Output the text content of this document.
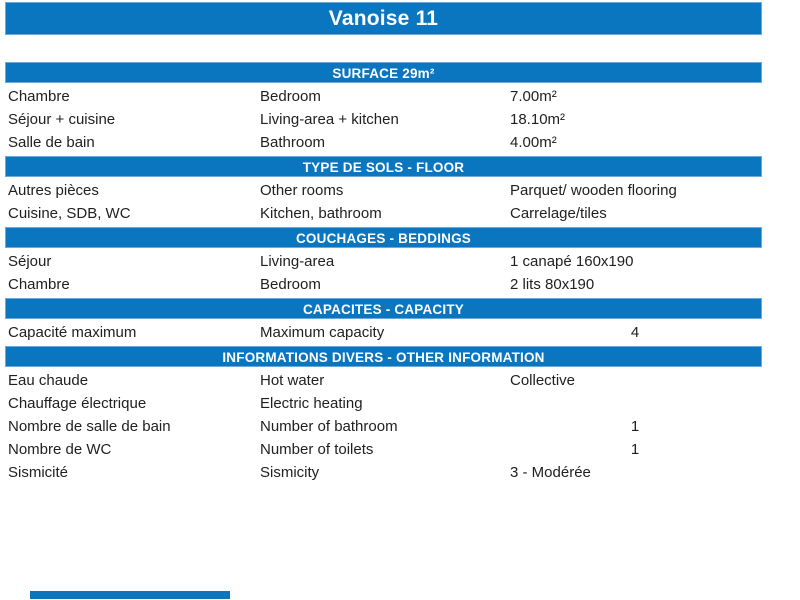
Vanoise 11
SURFACE 29m²
Chambre	Bedroom	7.00m²
Séjour + cuisine	Living-area + kitchen	18.10m²
Salle de bain	Bathroom	4.00m²
TYPE DE SOLS - FLOOR
Autres pièces	Other rooms	Parquet/ wooden flooring
Cuisine, SDB, WC	Kitchen, bathroom	Carrelage/tiles
COUCHAGES - BEDDINGS
Séjour	Living-area	1 canapé 160x190
Chambre	Bedroom	2 lits 80x190
CAPACITES - CAPACITY
Capacité maximum	Maximum capacity	4
INFORMATIONS DIVERS - OTHER INFORMATION
Eau chaude	Hot water	Collective
Chauffage électrique	Electric heating
Nombre de salle de bain	Number of bathroom	1
Nombre de WC	Number of toilets	1
Sismicité	Sismicity	3 - Modérée
